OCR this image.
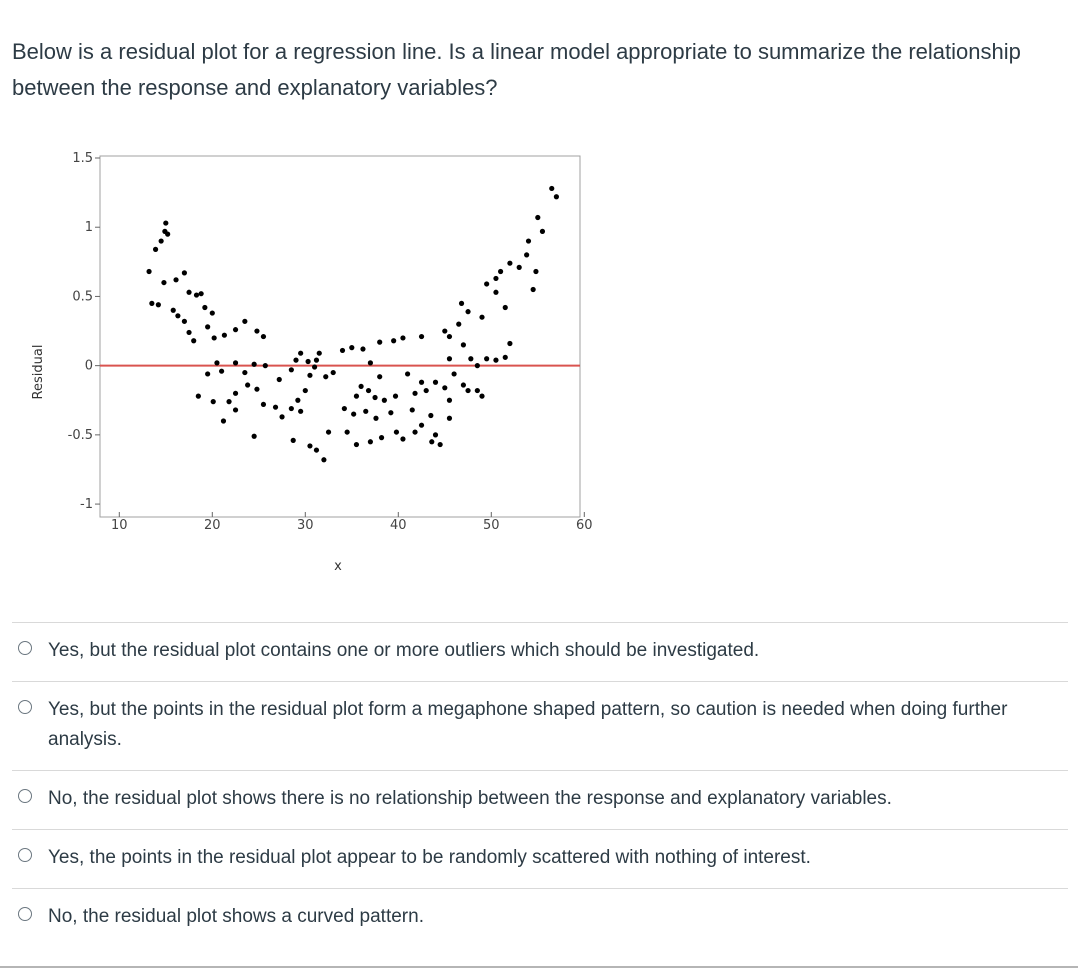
Below is a residual plot for a regression line. Is a linear model appropriate to summarize the relationship between the response and explanatory variables?
Residual
x
1.5
1
0.5
0
-0.5
-1
10	20	30	40	50	60
Yes, but the residual plot contains one or more outliers which should be investigated.
Yes, but the points in the residual plot form a megaphone shaped pattern, so caution is needed when doing further analysis.
No, the residual plot shows there is no relationship between the response and explanatory variables.
Yes, the points in the residual plot appear to be randomly scattered with nothing of interest.
No, the residual plot shows a curved pattern.
